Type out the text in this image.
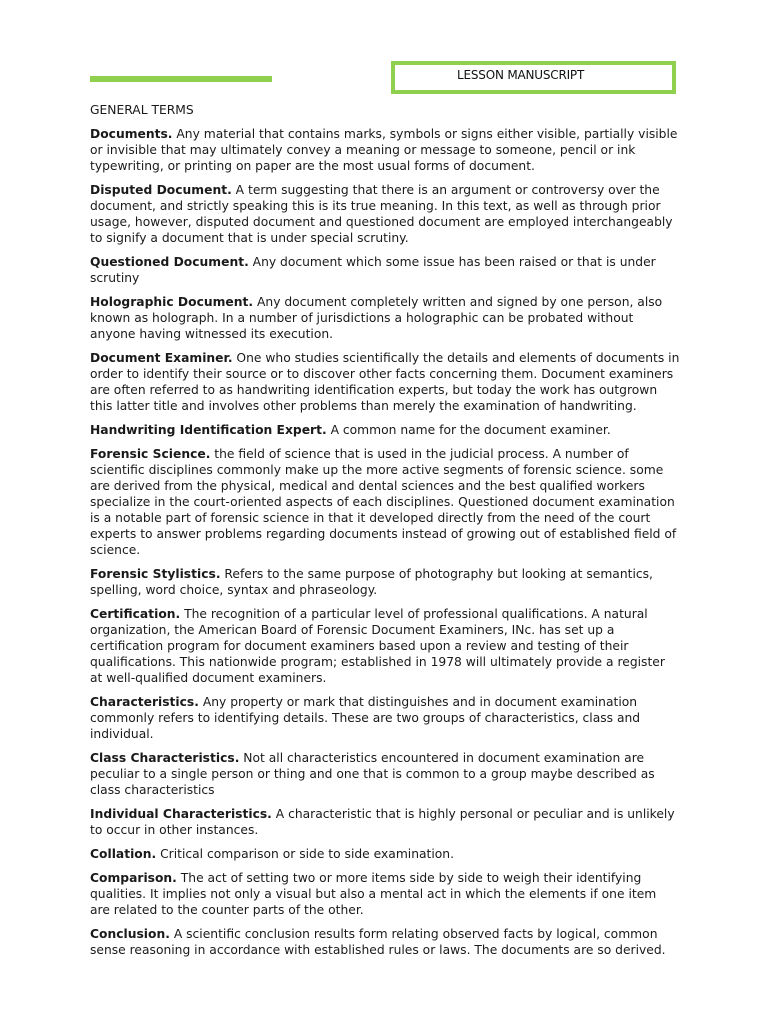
LESSON MANUSCRIPT
GENERAL TERMS

Documents. Any material that contains marks, symbols or signs either visible, partially visible or invisible that may ultimately convey a meaning or message to someone, pencil or ink typewriting, or printing on paper are the most usual forms of document.

Disputed Document. A term suggesting that there is an argument or controversy over the document, and strictly speaking this is its true meaning. In this text, as well as through prior usage, however, disputed document and questioned document are employed interchangeably to signify a document that is under special scrutiny.

Questioned Document. Any document which some issue has been raised or that is under scrutiny

Holographic Document. Any document completely written and signed by one person, also known as holograph. In a number of jurisdictions a holographic can be probated without anyone having witnessed its execution.

Document Examiner. One who studies scientifically the details and elements of documents in order to identify their source or to discover other facts concerning them. Document examiners are often referred to as handwriting identification experts, but today the work has outgrown this latter title and involves other problems than merely the examination of handwriting.

Handwriting Identification Expert. A common name for the document examiner.

Forensic Science. the field of science that is used in the judicial process. A number of scientific disciplines commonly make up the more active segments of forensic science. some are derived from the physical, medical and dental sciences and the best qualified workers specialize in the court-oriented aspects of each disciplines. Questioned document examination is a notable part of forensic science in that it developed directly from the need of the court experts to answer problems regarding documents instead of growing out of established field of science.

Forensic Stylistics. Refers to the same purpose of photography but looking at semantics, spelling, word choice, syntax and phraseology.

Certification. The recognition of a particular level of professional qualifications. A natural organization, the American Board of Forensic Document Examiners, INc. has set up a certification program for document examiners based upon a review and testing of their qualifications. This nationwide program; established in 1978 will ultimately provide a register at well-qualified document examiners.

Characteristics. Any property or mark that distinguishes and in document examination commonly refers to identifying details. These are two groups of characteristics, class and individual.

Class Characteristics. Not all characteristics encountered in document examination are peculiar to a single person or thing and one that is common to a group maybe described as class characteristics

Individual Characteristics. A characteristic that is highly personal or peculiar and is unlikely to occur in other instances.

Collation. Critical comparison or side to side examination.

Comparison. The act of setting two or more items side by side to weigh their identifying qualities. It implies not only a visual but also a mental act in which the elements if one item are related to the counter parts of the other.

Conclusion. A scientific conclusion results form relating observed facts by logical, common sense reasoning in accordance with established rules or laws. The documents are so derived.
